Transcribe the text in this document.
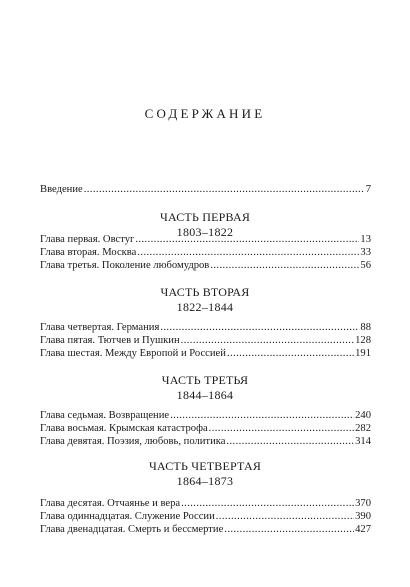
СОДЕРЖАНИЕ
Введение .....	7
ЧАСТЬ ПЕРВАЯ
1803–1822
Глава первая. Овстуг .....	13
Глава вторая. Москва .....	33
Глава третья. Поколение любомудров .....	56
ЧАСТЬ ВТОРАЯ
1822–1844
Глава четвертая. Германия .....	88
Глава пятая. Тютчев и Пушкин .....	128
Глава шестая. Между Европой и Россией .....	191
ЧАСТЬ ТРЕТЬЯ
1844–1864
Глава седьмая. Возвращение .....	240
Глава восьмая. Крымская катастрофа .....	282
Глава девятая. Поэзия, любовь, политика .....	314
ЧАСТЬ ЧЕТВЕРТАЯ
1864–1873
Глава десятая. Отчаянье и вера .....	370
Глава одиннадцатая. Служение России .....	390
Глава двенадцатая. Смерть и бессмертие .....	427
